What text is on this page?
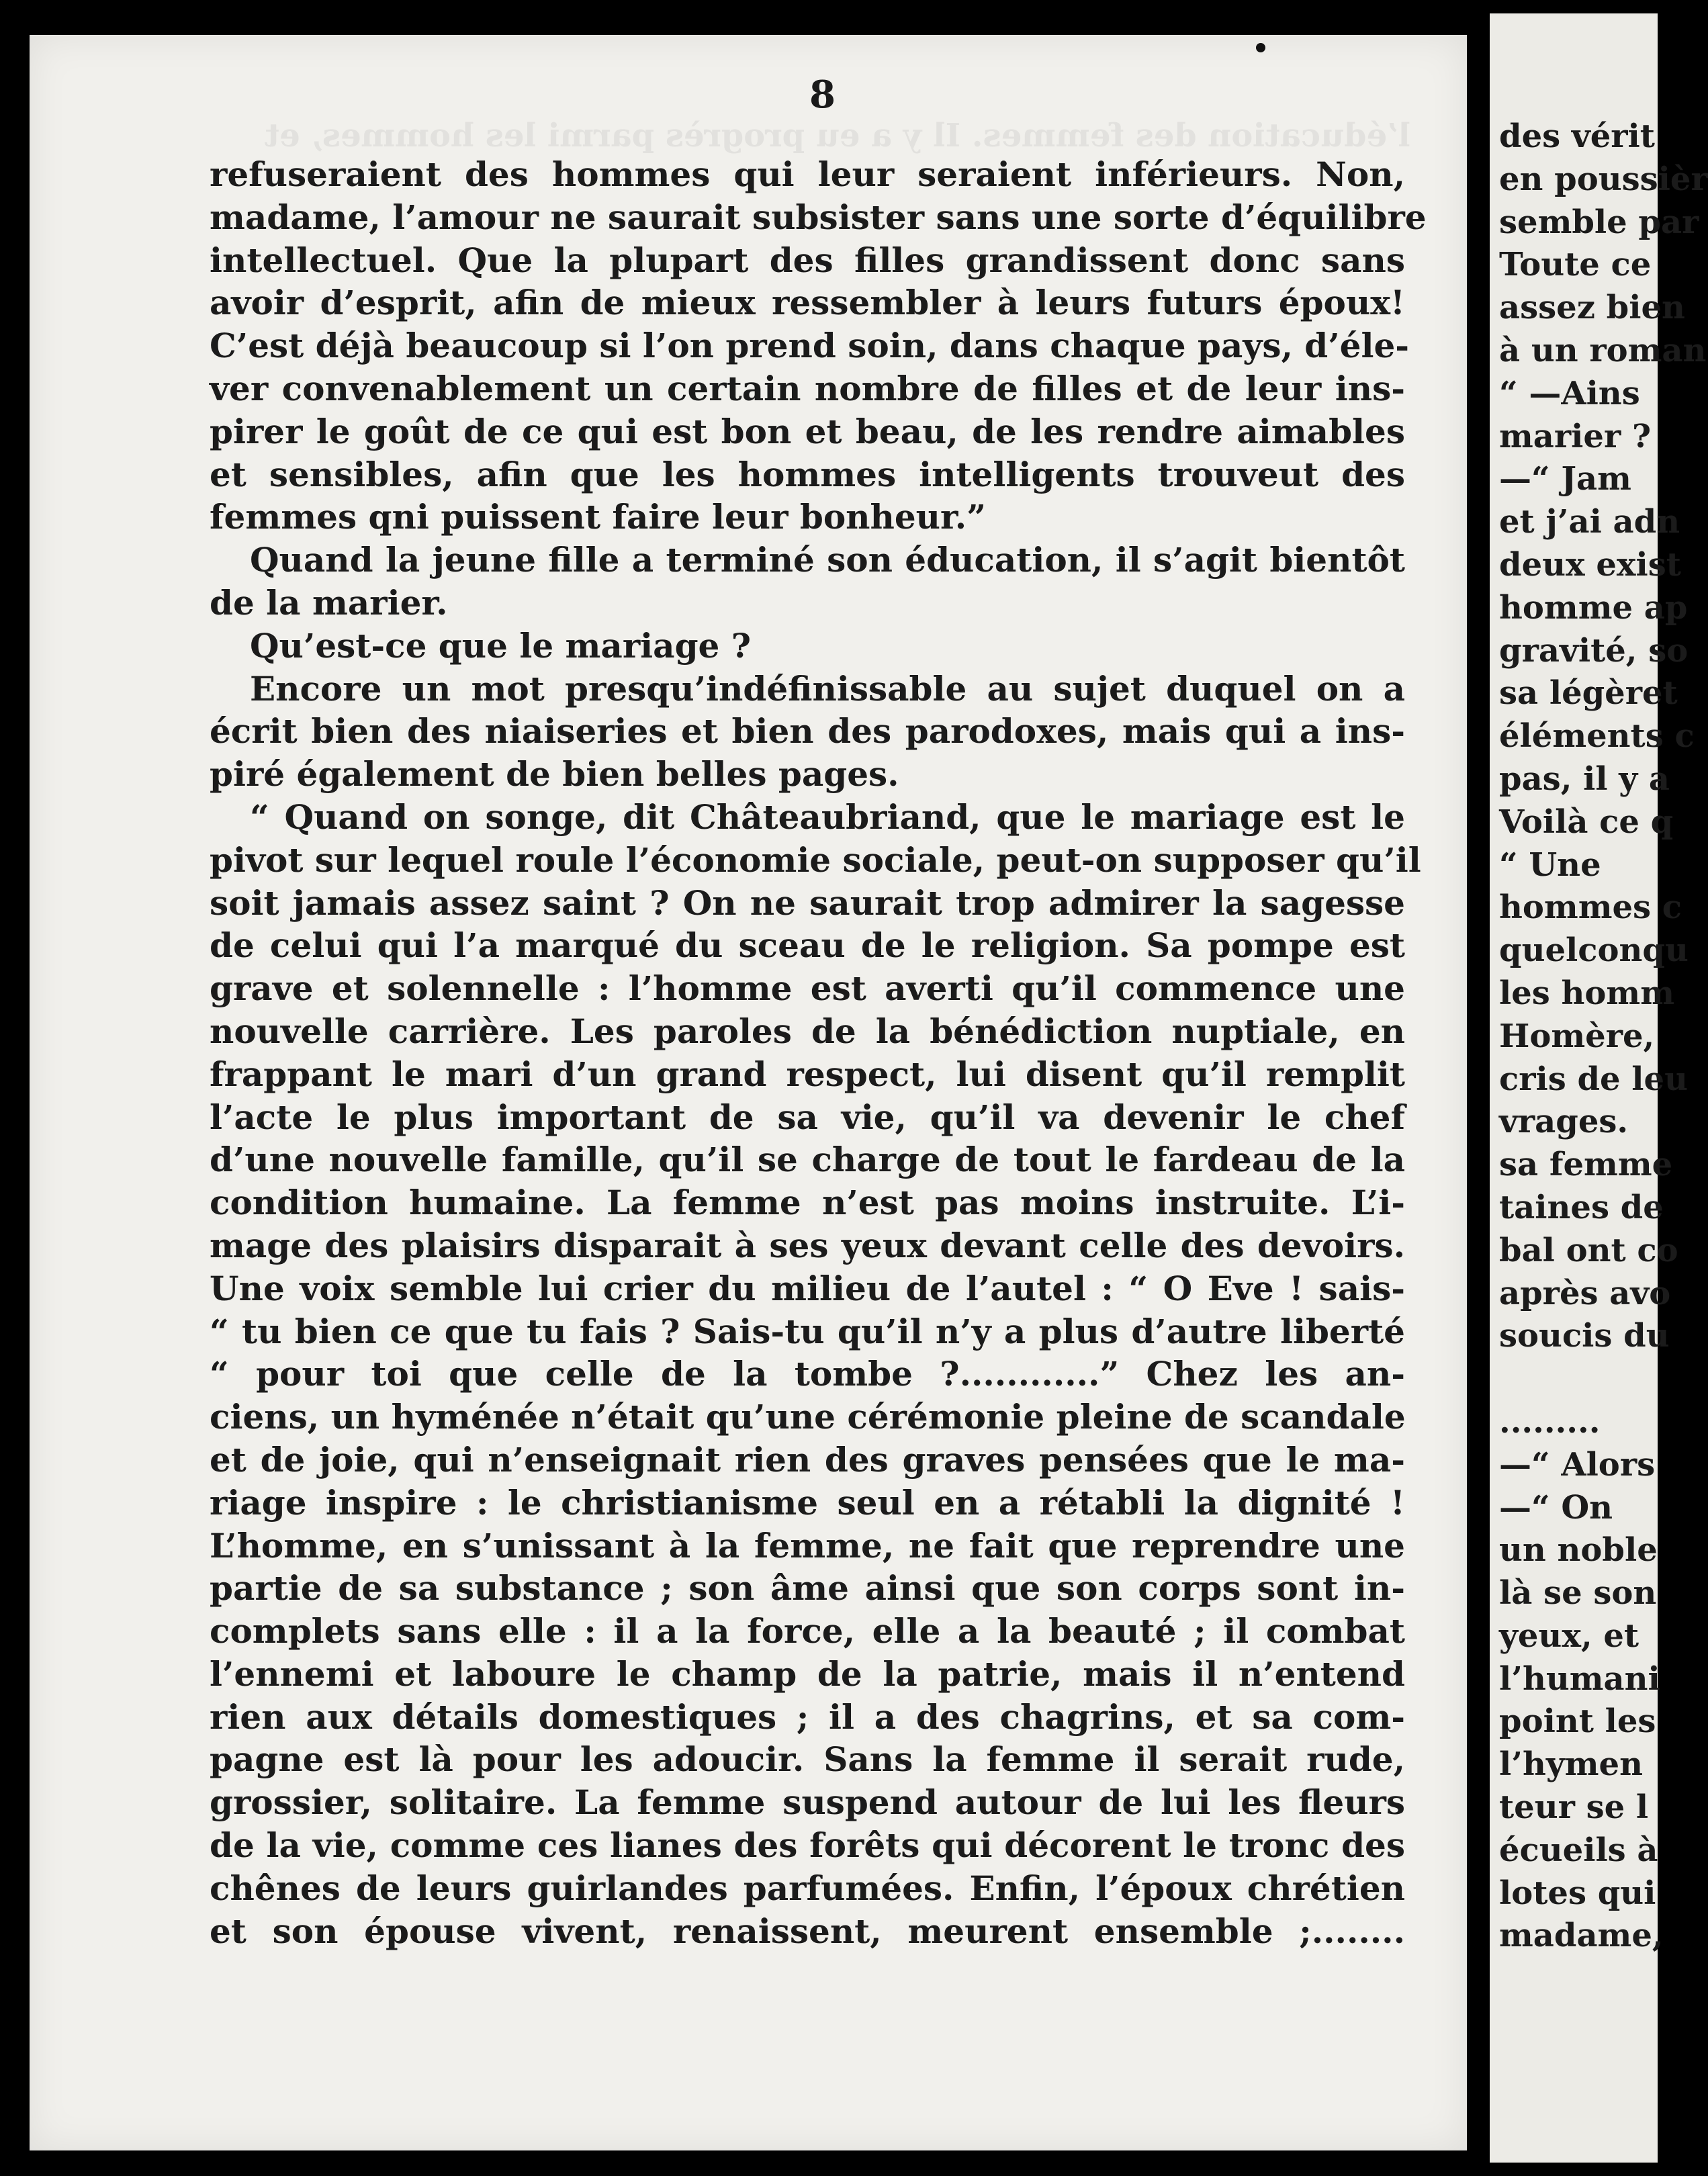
8
refuseraient des hommes qui leur seraient inférieurs. Non,
madame, l’amour ne saurait subsister sans une sorte d’équilibre
intellectuel. Que la plupart des filles grandissent donc sans
avoir d’esprit, afin de mieux ressembler à leurs futurs époux!
C’est déjà beaucoup si l’on prend soin, dans chaque pays, d’éle-
ver convenablement un certain nombre de filles et de leur ins-
pirer le goût de ce qui est bon et beau, de les rendre aimables
et sensibles, afin que les hommes intelligents trouveut des
femmes qni puissent faire leur bonheur.”
Quand la jeune fille a terminé son éducation, il s’agit bientôt
de la marier.
Qu’est-ce que le mariage ?
Encore un mot presqu’indéfinissable au sujet duquel on a
écrit bien des niaiseries et bien des parodoxes, mais qui a ins-
piré également de bien belles pages.
“ Quand on songe, dit Châteaubriand, que le mariage est le
pivot sur lequel roule l’économie sociale, peut-on supposer qu’il
soit jamais assez saint ? On ne saurait trop admirer la sagesse
de celui qui l’a marqué du sceau de le religion. Sa pompe est
grave et solennelle : l’homme est averti qu’il commence une
nouvelle carrière. Les paroles de la bénédiction nuptiale, en
frappant le mari d’un grand respect, lui disent qu’il remplit
l’acte le plus important de sa vie, qu’il va devenir le chef
d’une nouvelle famille, qu’il se charge de tout le fardeau de la
condition humaine. La femme n’est pas moins instruite. L’i-
mage des plaisirs disparait à ses yeux devant celle des devoirs.
Une voix semble lui crier du milieu de l’autel : “ O Eve ! sais-
“ tu bien ce que tu fais ? Sais-tu qu’il n’y a plus d’autre liberté
“ pour toi que celle de la tombe ?............” Chez les an-
ciens, un hyménée n’était qu’une cérémonie pleine de scandale
et de joie, qui n’enseignait rien des graves pensées que le ma-
riage inspire : le christianisme seul en a rétabli la dignité !
L’homme, en s’unissant à la femme, ne fait que reprendre une
partie de sa substance ; son âme ainsi que son corps sont in-
complets sans elle : il a la force, elle a la beauté ; il combat
l’ennemi et laboure le champ de la patrie, mais il n’entend
rien aux détails domestiques ; il a des chagrins, et sa com-
pagne est là pour les adoucir. Sans la femme il serait rude,
grossier, solitaire. La femme suspend autour de lui les fleurs
de la vie, comme ces lianes des forêts qui décorent le tronc des
chênes de leurs guirlandes parfumées. Enfin, l’époux chrétien
et son épouse vivent, renaissent, meurent ensemble ;........
des vérit
en poussièr
semble par
Toute ce
assez bien
à un roman
“ —Ains
marier ?
—“ Jam
et j’ai adn
deux exist
homme ap
gravité, so
sa légèret
éléments c
pas, il y a
Voilà ce q
“ Une
hommes c
quelconqu
les homm
Homère,
cris de leu
vrages.
sa femme
taines de
bal ont co
après avo
soucis du
.........
—“ Alors
—“ On
un noble
là se son
yeux, et
l’humani
point les
l’hymen
teur se l
écueils à
lotes qui
madame,
